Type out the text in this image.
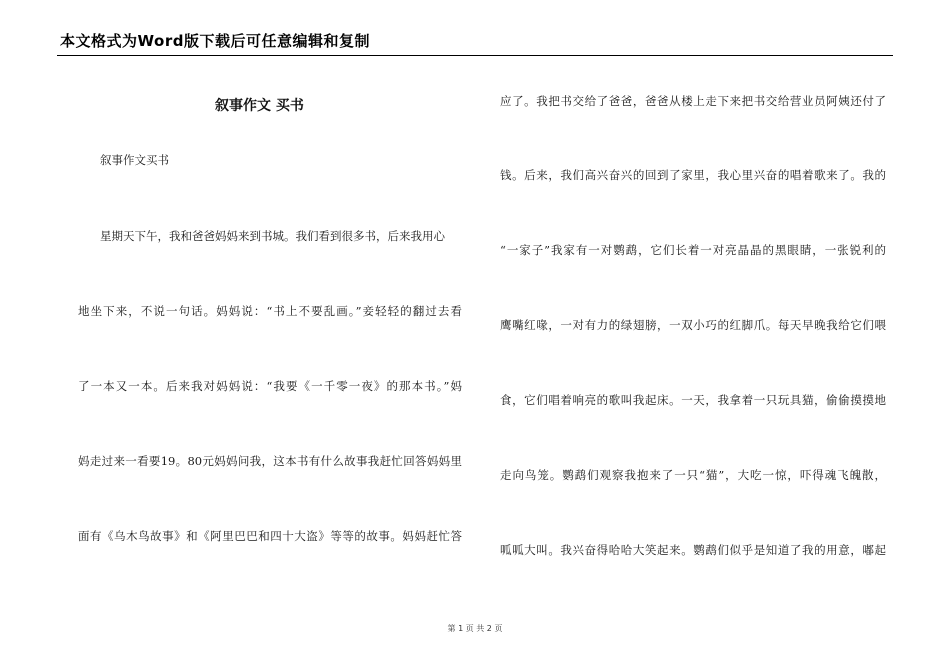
本文格式为Word版下载后可任意编辑和复制
叙事作文 买书
叙事作文买书
星期天下午，我和爸爸妈妈来到书城。我们看到很多书，后来我用心
地坐下来，不说一句话。妈妈说：“书上不要乱画。”妾轻轻的翻过去看
了一本又一本。后来我对妈妈说：“我要《一千零一夜》的那本书。”妈
妈走过来一看要19。80元妈妈问我，这本书有什么故事我赶忙回答妈妈里
面有《乌木鸟故事》和《阿里巴巴和四十大盗》等等的故事。妈妈赶忙答
应了。我把书交给了爸爸，爸爸从楼上走下来把书交给营业员阿姨还付了
钱。后来，我们高兴奋兴的回到了家里，我心里兴奋的唱着歌来了。我的
“一家子”我家有一对鹦鹉，它们长着一对亮晶晶的黑眼睛，一张锐利的
鹰嘴红喙，一对有力的绿翅膀，一双小巧的红脚爪。每天早晚我给它们喂
食，它们唱着响亮的歌叫我起床。一天，我拿着一只玩具猫，偷偷摸摸地
走向鸟笼。鹦鹉们观察我抱来了一只“猫”，大吃一惊，吓得魂飞魄散，
呱呱大叫。我兴奋得哈哈大笑起来。鹦鹉们似乎是知道了我的用意，嘟起
第 1 页 共 2 页
